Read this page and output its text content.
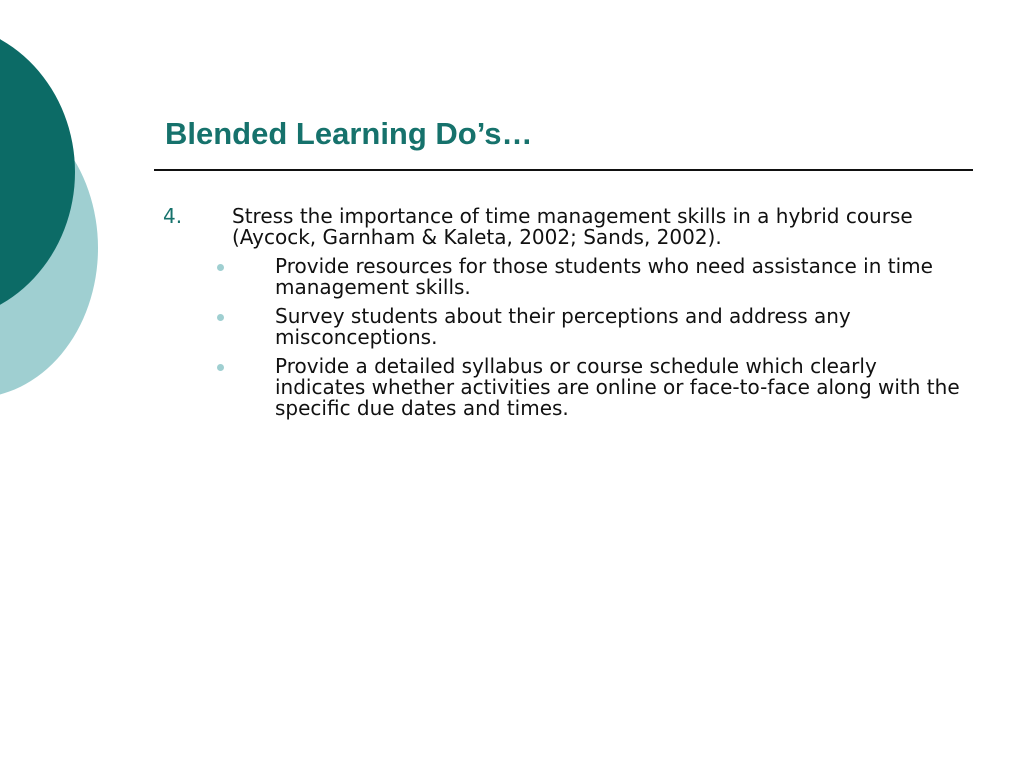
Blended Learning Do’s…
4. Stress the importance of time management skills in a hybrid course (Aycock, Garnham & Kaleta, 2002; Sands, 2002).
Provide resources for those students who need assistance in time management skills.
Survey students about their perceptions and address any misconceptions.
Provide a detailed syllabus or course schedule which clearly indicates whether activities are online or face-to-face along with the specific due dates and times.
